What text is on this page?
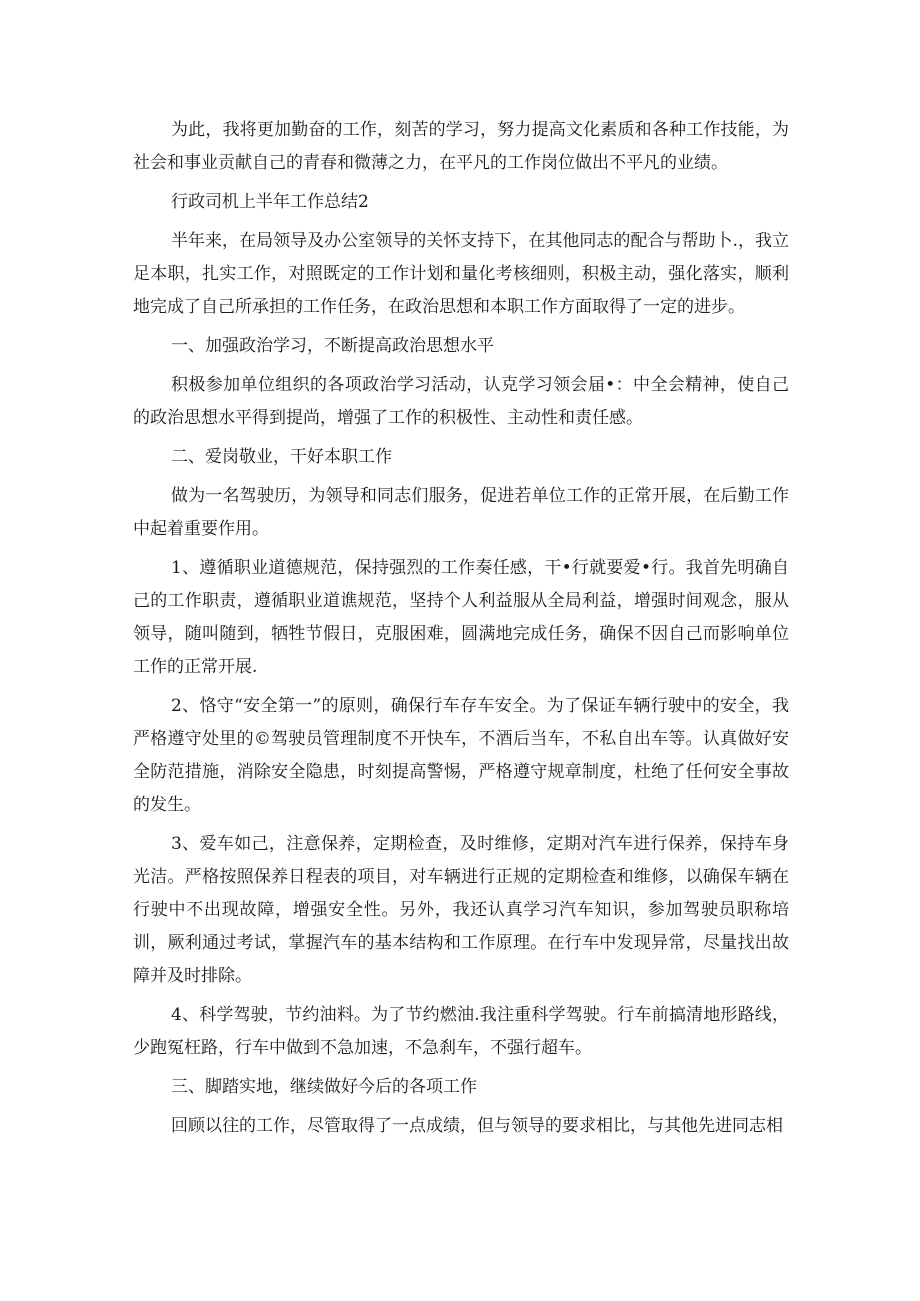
为此，我将更加勤奋的工作，刻苦的学习，努力提高文化素质和各种工作技能，为社会和事业贡献自己的青春和微薄之力，在平凡的工作岗位做出不平凡的业绩。

行政司机上半年工作总结2

半年来，在局领导及办公室领导的关怀支持下，在其他同志的配合与帮助卜.，我立足本职，扎实工作，对照既定的工作计划和量化考核细则，积极主动，强化落实，顺利地完成了自己所承担的工作任务，在政治思想和本职工作方面取得了一定的进步。

一、加强政治学习，不断提高政治思想水平

积极参加单位组织的各项政治学习活动，认克学习领会届•：中全会精神，使自己的政治思想水平得到提尚，增强了工作的积极性、主动性和责任感。

二、爱岗敬业，干好本职工作

做为一名驾驶历，为领导和同志们服务，促进若单位工作的正常开展，在后勤工作中起着重要作用。

1、遵循职业道德规范，保持强烈的工作奏任感，干•行就要爱•行。我首先明确自己的工作职责，遵循职业道谯规范，坚持个人利益服从全局利益，增强时间观念，服从领导，随叫随到，牺牲节假日，克服困难，圆满地完成任务，确保不因自己而影响单位工作的正常开展.

2、恪守“安全第一”的原则，确保行车存车安全。为了保证车辆行驶中的安全，我严格遵守处里的©驾驶员管理制度不开快车，不酒后当车，不私自出车等。认真做好安全防范措施，消除安全隐患，时刻提高警惕，严格遵守规章制度，杜绝了任何安全事故的发生。

3、爱车如己，注意保养，定期检查，及时维修，定期对汽车进行保养，保持车身光洁。严格按照保养日程表的项目，对车辆进行正规的定期检查和维修，以确保车辆在行驶中不出现故障，增强安全性。另外，我还认真学习汽车知识，参加驾驶员职称培训，厥利通过考试，掌握汽车的基本结构和工作原理。在行车中发现异常，尽量找出故障并及时排除。

4、科学驾驶，节约油料。为了节约燃油.我注重科学驾驶。行车前搞清地形路线，少跑冤枉路，行车中做到不急加速，不急刹车，不强行超车。

三、脚踏实地，继续做好今后的各项工作

回顾以往的工作，尽管取得了一点成绩，但与领导的要求相比，与其他先进同志相
